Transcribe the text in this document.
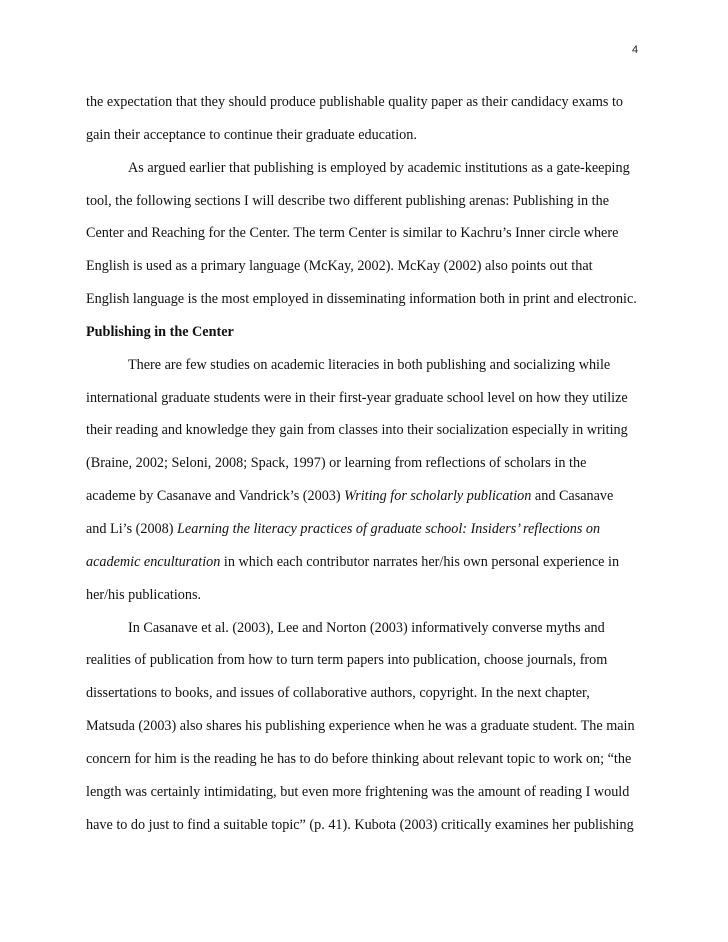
4
the expectation that they should produce publishable quality paper as their candidacy exams to
gain their acceptance to continue their graduate education.
As argued earlier that publishing is employed by academic institutions as a gate-keeping
tool, the following sections I will describe two different publishing arenas: Publishing in the
Center and Reaching for the Center. The term Center is similar to Kachru’s Inner circle where
English is used as a primary language (McKay, 2002). McKay (2002) also points out that
English language is the most employed in disseminating information both in print and electronic.
Publishing in the Center
There are few studies on academic literacies in both publishing and socializing while
international graduate students were in their first-year graduate school level on how they utilize
their reading and knowledge they gain from classes into their socialization especially in writing
(Braine, 2002; Seloni, 2008; Spack, 1997) or learning from reflections of scholars in the
academe by Casanave and Vandrick’s (2003) Writing for scholarly publication and Casanave
and Li’s (2008) Learning the literacy practices of graduate school: Insiders’ reflections on
academic enculturation in which each contributor narrates her/his own personal experience in
her/his publications.
In Casanave et al. (2003), Lee and Norton (2003) informatively converse myths and
realities of publication from how to turn term papers into publication, choose journals, from
dissertations to books, and issues of collaborative authors, copyright. In the next chapter,
Matsuda (2003) also shares his publishing experience when he was a graduate student. The main
concern for him is the reading he has to do before thinking about relevant topic to work on; “the
length was certainly intimidating, but even more frightening was the amount of reading I would
have to do just to find a suitable topic” (p. 41). Kubota (2003) critically examines her publishing
